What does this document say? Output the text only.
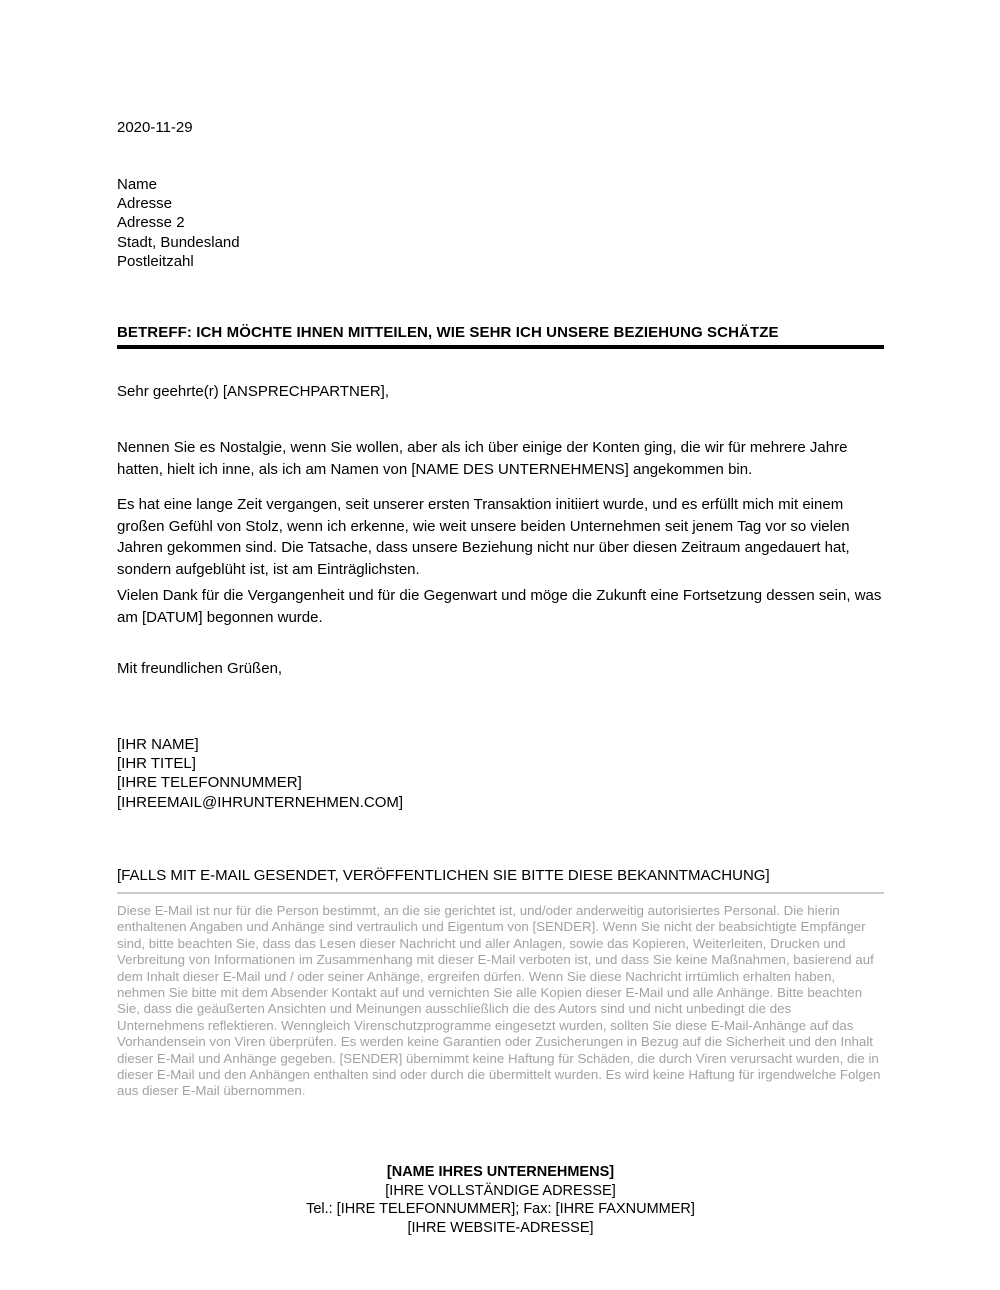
2020-11-29
Name
Adresse
Adresse 2
Stadt, Bundesland
Postleitzahl
BETREFF: ICH MÖCHTE IHNEN MITTEILEN, WIE SEHR ICH UNSERE BEZIEHUNG SCHÄTZE
Sehr geehrte(r) [ANSPRECHPARTNER],
Nennen Sie es Nostalgie, wenn Sie wollen, aber als ich über einige der Konten ging, die wir für mehrere Jahre hatten, hielt ich inne, als ich am Namen von [NAME DES UNTERNEHMENS] angekommen bin.
Es hat eine lange Zeit vergangen, seit unserer ersten Transaktion initiiert wurde, und es erfüllt mich mit einem großen Gefühl von Stolz, wenn ich erkenne, wie weit unsere beiden Unternehmen seit jenem Tag vor so vielen Jahren gekommen sind. Die Tatsache, dass unsere Beziehung nicht nur über diesen Zeitraum angedauert hat, sondern aufgeblüht ist, ist am Einträglichsten.
Vielen Dank für die Vergangenheit und für die Gegenwart und möge die Zukunft eine Fortsetzung dessen sein, was am [DATUM] begonnen wurde.
Mit freundlichen Grüßen,
[IHR NAME]
[IHR TITEL]
[IHRE TELEFONNUMMER]
[IHREEMAIL@IHRUNTERNEHMEN.COM]
[FALLS MIT E-MAIL GESENDET, VERÖFFENTLICHEN SIE BITTE DIESE BEKANNTMACHUNG]
Diese E-Mail ist nur für die Person bestimmt, an die sie gerichtet ist, und/oder anderweitig autorisiertes Personal. Die hierin enthaltenen Angaben und Anhänge sind vertraulich und Eigentum von [SENDER]. Wenn Sie nicht der beabsichtigte Empfänger sind, bitte beachten Sie, dass das Lesen dieser Nachricht und aller Anlagen, sowie das Kopieren, Weiterleiten, Drucken und Verbreitung von Informationen im Zusammenhang mit dieser E-Mail verboten ist, und dass Sie keine Maßnahmen, basierend auf dem Inhalt dieser E-Mail und / oder seiner Anhänge, ergreifen dürfen. Wenn Sie diese Nachricht irrtümlich erhalten haben, nehmen Sie bitte mit dem Absender Kontakt auf und vernichten Sie alle Kopien dieser E-Mail und alle Anhänge. Bitte beachten Sie, dass die geäußerten Ansichten und Meinungen ausschließlich die des Autors sind und nicht unbedingt die des Unternehmens reflektieren. Wenngleich Virenschutzprogramme eingesetzt wurden, sollten Sie diese E-Mail-Anhänge auf das Vorhandensein von Viren überprüfen. Es werden keine Garantien oder Zusicherungen in Bezug auf die Sicherheit und den Inhalt dieser E-Mail und Anhänge gegeben. [SENDER] übernimmt keine Haftung für Schäden, die durch Viren verursacht wurden, die in dieser E-Mail und den Anhängen enthalten sind oder durch die übermittelt wurden. Es wird keine Haftung für irgendwelche Folgen aus dieser E-Mail übernommen.
[NAME IHRES UNTERNEHMENS]
[IHRE VOLLSTÄNDIGE ADRESSE]
Tel.: [IHRE TELEFONNUMMER]; Fax: [IHRE FAXNUMMER]
[IHRE WEBSITE-ADRESSE]
